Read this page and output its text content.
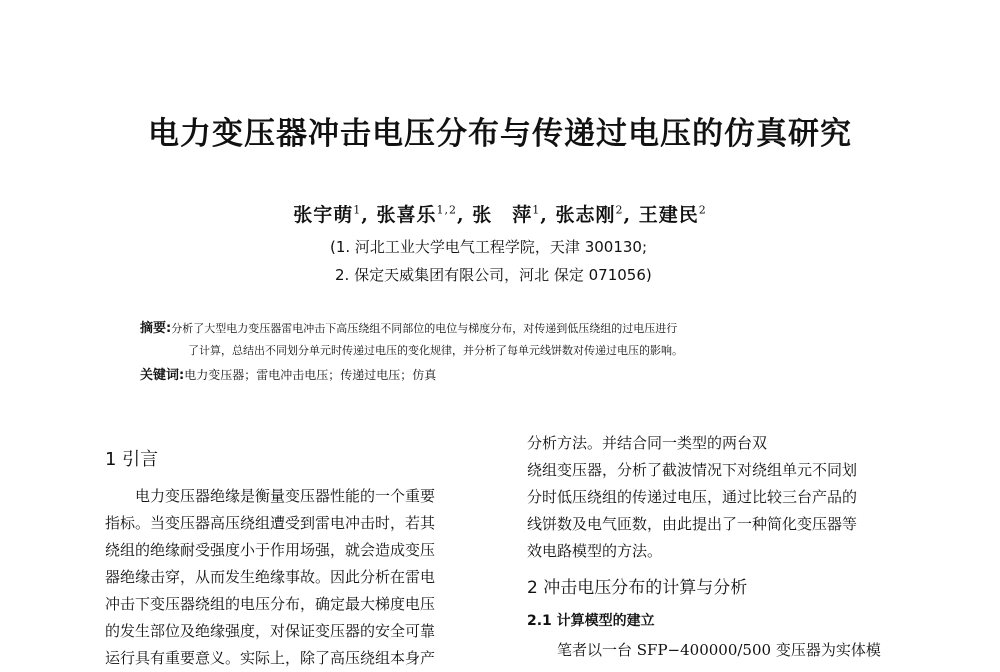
电力变压器冲击电压分布与传递过电压的仿真研究
张宇萌$^1$, 张喜乐$^{1,2}$, 张　萍$^1$, 张志刚$^2$, 王建民$^2$
(1. 河北工业大学电气工程学院，天津 300130;
2. 保定天威集团有限公司，河北 保定 071056)
摘要:分析了大型电力变压器雷电冲击下高压绕组不同部位的电位与梯度分布，对传递到低压绕组的过电压进行
了计算，总结出不同划分单元时传递过电压的变化规律，并分析了每单元线饼数对传递过电压的影响。
关键词:电力变压器；雷电冲击电压；传递过电压；仿真
1 引言
电力变压器绝缘是衡量变压器性能的一个重要
指标。当变压器高压绕组遭受到雷电冲击时，若其
绕组的绝缘耐受强度小于作用场强，就会造成变压
器绝缘击穿，从而发生绝缘事故。因此分析在雷电
冲击下变压器绕组的电压分布，确定最大梯度电压
的发生部位及绝缘强度，对保证变压器的安全可靠
运行具有重要意义。实际上，除了高压绕组本身产
分析方法。并结合同一类型的两台双
绕组变压器，分析了截波情况下对绕组单元不同划
分时低压绕组的传递过电压，通过比较三台产品的
线饼数及电气匝数，由此提出了一种简化变压器等
效电路模型的方法。
2 冲击电压分布的计算与分析
2.1 计算模型的建立
笔者以一台 SFP−400000/500 变压器为实体模
